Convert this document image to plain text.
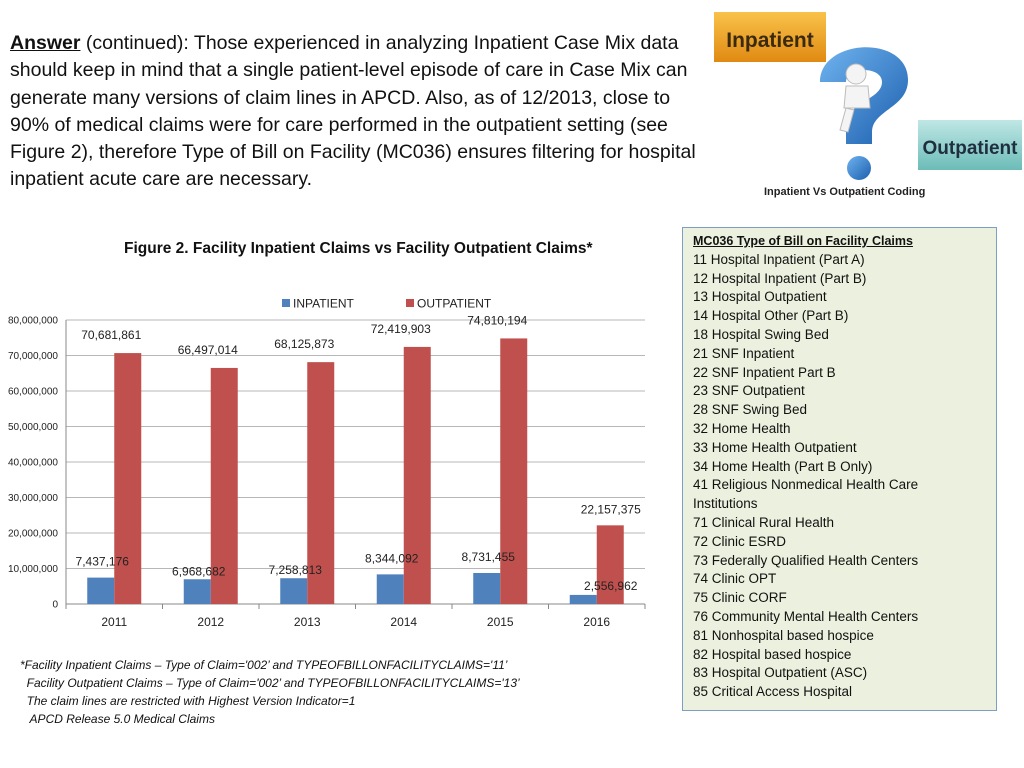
Answer (continued): Those experienced in analyzing Inpatient Case Mix data should keep in mind that a single patient-level episode of care in Case Mix can generate many versions of claim lines in APCD. Also, as of 12/2013, close to 90% of medical claims were for care performed in the outpatient setting (see Figure 2), therefore Type of Bill on Facility (MC036) ensures filtering for hospital inpatient acute care are necessary.
Inpatient
Outpatient
Inpatient Vs Outpatient Coding
Figure 2. Facility Inpatient Claims vs Facility Outpatient Claims*
0
10,000,000
20,000,000
30,000,000
40,000,000
50,000,000
60,000,000
70,000,000
80,000,000
2011	2012	2013	2014	2015	2016
70,681,861
7,437,176
66,497,014
6,968,682
68,125,873
7,258,813
72,419,903
8,344,092
74,810,194
8,731,455
22,157,375
2,556,962
INPATIENT	OUTPATIENT
*Facility Inpatient Claims – Type of Claim='002’ and TYPEOFBILLONFACILITYCLAIMS='11’
Facility Outpatient Claims – Type of Claim='002’ and TYPEOFBILLONFACILITYCLAIMS='13’
The claim lines are restricted with Highest Version Indicator=1
APCD Release 5.0 Medical Claims
MC036 Type of Bill on Facility Claims
11 Hospital Inpatient (Part A)
12 Hospital Inpatient (Part B)
13 Hospital Outpatient
14 Hospital Other (Part B)
18 Hospital Swing Bed
21 SNF Inpatient
22 SNF Inpatient Part B
23 SNF Outpatient
28 SNF Swing Bed
32 Home Health
33 Home Health Outpatient
34 Home Health (Part B Only)
41 Religious Nonmedical Health Care Institutions
71 Clinical Rural Health
72 Clinic ESRD
73 Federally Qualified Health Centers
74 Clinic OPT
75 Clinic CORF
76 Community Mental Health Centers
81 Nonhospital based hospice
82 Hospital based hospice
83 Hospital Outpatient (ASC)
85 Critical Access Hospital
